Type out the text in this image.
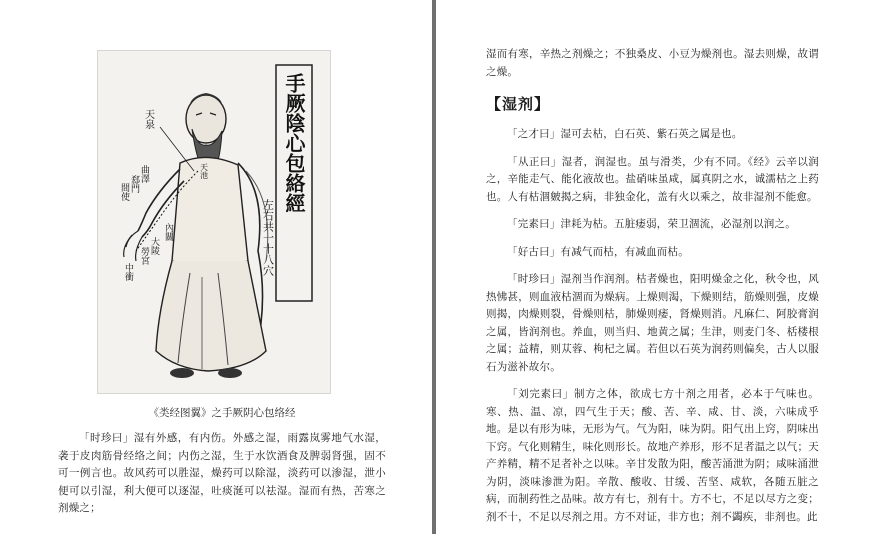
手厥陰心包絡經
左右共一十八穴
天泉
天池
曲澤
郄門
間使
內關
大陵
勞宮
中衝
《类经图翼》之手厥阴心包络经

「时珍曰」湿有外感，有内伤。外感之湿，雨露岚雾地气水湿，袭于皮肉筋骨经络之间；内伤之湿，生于水饮酒食及脾弱肾强，固不可一例言也。故风药可以胜湿，燥药可以除湿，淡药可以渗湿，泄小便可以引湿，利大便可以逐湿，吐痰涎可以祛湿。湿而有热，苦寒之剂燥之；

湿而有寒，辛热之剂燥之；不独桑皮、小豆为燥剂也。湿去则燥，故谓之燥。

【湿剂】

「之才曰」湿可去枯，白石英、紫石英之属是也。

「从正曰」湿者，润湿也。虽与滑类，少有不同。《经》云辛以润之，辛能走气、能化液故也。盐硝味虽咸，属真阴之水，诚濡枯之上药也。人有枯涸皴揭之病，非独金化，盖有火以乘之，故非湿剂不能愈。

「完素曰」津耗为枯。五脏痿弱，荣卫涸流，必湿剂以润之。

「好古曰」有减气而枯，有减血而枯。

「时珍曰」湿剂当作润剂。枯者燥也，阳明燥金之化，秋令也，风热怫甚，则血液枯涸而为燥病。上燥则渴，下燥则结，筋燥则强，皮燥则揭，肉燥则裂，骨燥则枯，肺燥则痿，肾燥则消。凡麻仁、阿胶膏润之属，皆润剂也。养血，则当归、地黄之属；生津，则麦门冬、栝楼根之属；益精，则苁蓉、枸杞之属。若但以石英为润药则偏矣，古人以服石为滋补故尔。

「刘完素曰」制方之体，欲成七方十剂之用者，必本于气味也。寒、热、温、凉，四气生于天；酸、苦、辛、咸、甘、淡，六味成乎地。是以有形为味，无形为气。气为阳，味为阴。阳气出上窍，阴味出下窍。气化则精生，味化则形长。故地产养形，形不足者温之以气；天产养精，精不足者补之以味。辛甘发散为阳，酸苦涌泄为阴；咸味涌泄为阴，淡味渗泄为阳。辛散、酸收、甘缓、苦坚、咸软，各随五脏之病，而制药性之品味。故方有七，剂有十。方不七，不足以尽方之变；剂不十，不足以尽剂之用。方不对证，非方也；剂不蠲疾，非剂也。此
